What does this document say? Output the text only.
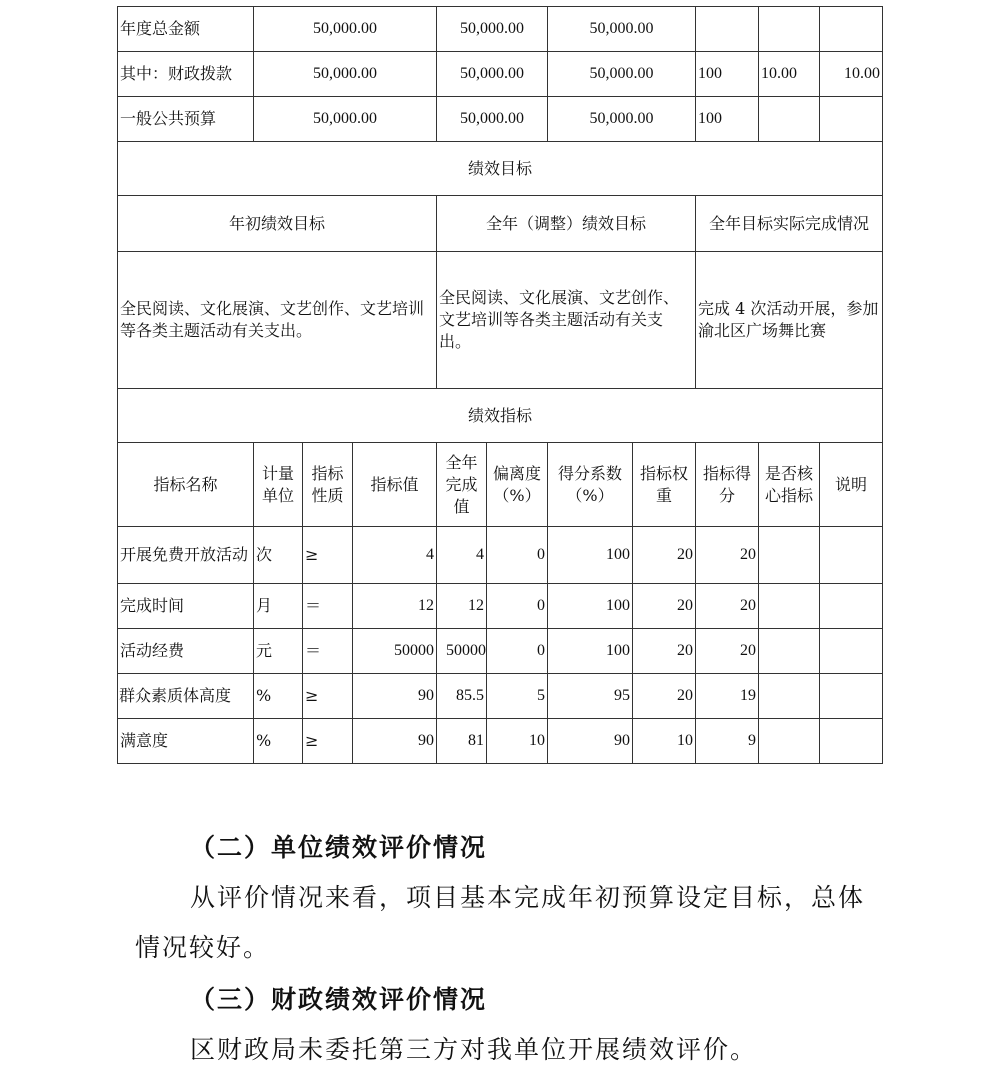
年度总金额	50,000.00			50,000.00		50,000.00				
其中：财政拨款	50,000.00			50,000.00		50,000.00		100	10.00	10.00
一般公共预算	50,000.00			50,000.00		50,000.00		100		
绩效目标										
年初绩效目标				全年（调整）绩效目标				全年目标实际完成情况		
全民阅读、文化展演、文艺创作、文艺培训等各类主题活动有关支出。				全民阅读、文化展演、文艺创作、文艺培训等各类主题活动有关支出。				完成 4 次活动开展，参加渝北区广场舞比赛		
绩效指标										
指标名称	计量单位	指标性质	指标值	全年完成值	偏离度（%）	得分系数（%）	指标权重	指标得分	是否核心指标	说明
开展免费开放活动	次	≥	4	4	0	100	20	20		
完成时间	月	＝	12	12	0	100	20	20		
活动经费	元	＝	50000	50000	0	100	20	20		
群众素质体高度	%	≥	90	85.5	5	95	20	19		
满意度	%	≥	90	81	10	90	10	9		

（二）单位绩效评价情况

从评价情况来看，项目基本完成年初预算设定目标，总体

情况较好。

（三）财政绩效评价情况

区财政局未委托第三方对我单位开展绩效评价。
